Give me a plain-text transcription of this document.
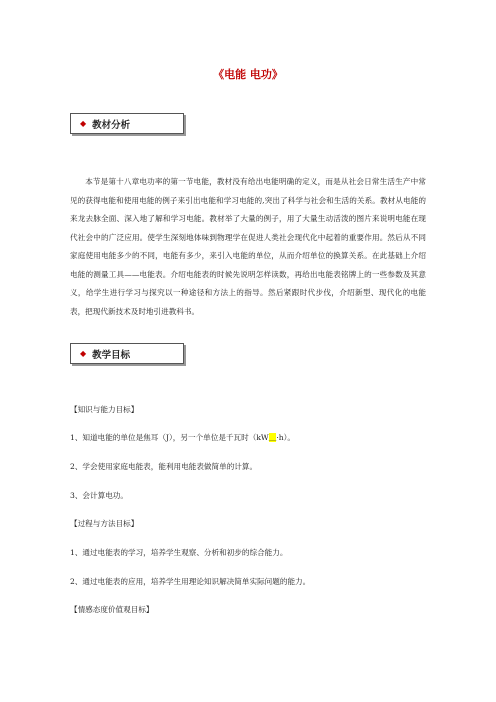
《电能 电功》
◆ 教材分析
本节是第十八章电功率的第一节电能，教材没有给出电能明确的定义，而是从社会日常生活生产中常见的获得电能和使用电能的例子来引出电能和学习电能的,突出了科学与社会和生活的关系。教材从电能的来龙去脉全面、深入地了解和学习电能。教材举了大量的例子，用了大量生动活泼的图片来说明电能在现代社会中的广泛应用。使学生深刻地体味到物理学在促进人类社会现代化中起着的重要作用。然后从不同家庭使用电能多少的不同，电能有多少，来引入电能的单位，从而介绍单位的换算关系。在此基础上介绍电能的测量工具——电能表。介绍电能表的时候先说明怎样读数，再给出电能表铭牌上的一些参数及其意义，给学生进行学习与探究以一种途径和方法上的指导。然后紧跟时代步伐，介绍新型、现代化的电能表，把现代新技术及时地引进教科书。
◆ 教学目标
【知识与能力目标】
1、知道电能的单位是焦耳（J），另一个单位是千瓦时（kW＿·h）。
2、学会使用家庭电能表，能利用电能表做简单的计算。
3、会计算电功。
【过程与方法目标】
1、通过电能表的学习，培养学生观察、分析和初步的综合能力。
2、通过电能表的应用，培养学生用理论知识解决简单实际问题的能力。
【情感态度价值观目标】
